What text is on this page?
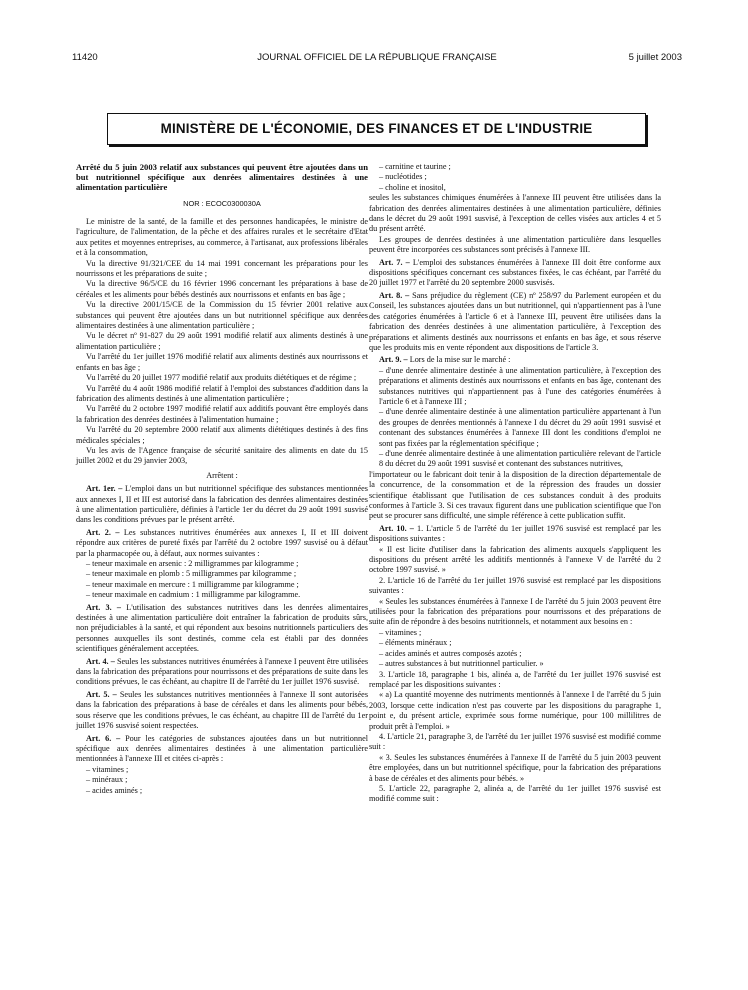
11420	JOURNAL OFFICIEL DE LA RÉPUBLIQUE FRANÇAISE	5 juillet 2003
MINISTÈRE DE L'ÉCONOMIE, DES FINANCES ET DE L'INDUSTRIE

Arrêté du 5 juin 2003 relatif aux substances qui peuvent être ajoutées dans un but nutritionnel spécifique aux denrées alimentaires destinées à une alimentation particulière

NOR : ECOC0300030A

Le ministre de la santé, de la famille et des personnes handicapées, le ministre de l'agriculture, de l'alimentation, de la pêche et des affaires rurales et le secrétaire d'Etat aux petites et moyennes entreprises, au commerce, à l'artisanat, aux professions libérales et à la consommation,

Vu la directive 91/321/CEE du 14 mai 1991 concernant les préparations pour les nourrissons et les préparations de suite ;

Vu la directive 96/5/CE du 16 février 1996 concernant les préparations à base de céréales et les aliments pour bébés destinés aux nourrissons et enfants en bas âge ;

Vu la directive 2001/15/CE de la Commission du 15 février 2001 relative aux substances qui peuvent être ajoutées dans un but nutritionnel spécifique aux denrées alimentaires destinées à une alimentation particulière ;

Vu le décret nº 91-827 du 29 août 1991 modifié relatif aux aliments destinés à une alimentation particulière ;

Vu l'arrêté du 1er juillet 1976 modifié relatif aux aliments destinés aux nourrissons et enfants en bas âge ;

Vu l'arrêté du 20 juillet 1977 modifié relatif aux produits diététiques et de régime ;

Vu l'arrêté du 4 août 1986 modifié relatif à l'emploi des substances d'addition dans la fabrication des aliments destinés à une alimentation particulière ;

Vu l'arrêté du 2 octobre 1997 modifié relatif aux additifs pouvant être employés dans la fabrication des denrées destinées à l'alimentation humaine ;

Vu l'arrêté du 20 septembre 2000 relatif aux aliments diététiques destinés à des fins médicales spéciales ;

Vu les avis de l'Agence française de sécurité sanitaire des aliments en date du 15 juillet 2002 et du 29 janvier 2003,

Arrêtent :

Art. 1er. – L'emploi dans un but nutritionnel spécifique des substances mentionnées aux annexes I, II et III est autorisé dans la fabrication des denrées alimentaires destinées à une alimentation particulière, définies à l'article 1er du décret du 29 août 1991 susvisé dans les conditions prévues par le présent arrêté.

Art. 2. – Les substances nutritives énumérées aux annexes I, II et III doivent répondre aux critères de pureté fixés par l'arrêté du 2 octobre 1997 susvisé ou à défaut par la pharmacopée ou, à défaut, aux normes suivantes :

– teneur maximale en arsenic : 2 milligrammes par kilogramme ;
– teneur maximale en plomb : 5 milligrammes par kilogramme ;
– teneur maximale en mercure : 1 milligramme par kilogramme ;
– teneur maximale en cadmium : 1 milligramme par kilogramme.

Art. 3. – L'utilisation des substances nutritives dans les denrées alimentaires destinées à une alimentation particulière doit entraîner la fabrication de produits sûrs, non préjudiciables à la santé, et qui répondent aux besoins nutritionnels particuliers des personnes auxquelles ils sont destinés, comme cela est établi par des données scientifiques généralement acceptées.

Art. 4. – Seules les substances nutritives énumérées à l'annexe I peuvent être utilisées dans la fabrication des préparations pour nourrissons et des préparations de suite dans les conditions prévues, le cas échéant, au chapitre II de l'arrêté du 1er juillet 1976 susvisé.

Art. 5. – Seules les substances nutritives mentionnées à l'annexe II sont autorisées dans la fabrication des préparations à base de céréales et dans les aliments pour bébés, sous réserve que les conditions prévues, le cas échéant, au chapitre III de l'arrêté du 1er juillet 1976 susvisé soient respectées.

Art. 6. – Pour les catégories de substances ajoutées dans un but nutritionnel spécifique aux denrées alimentaires destinées à une alimentation particulière mentionnées à l'annexe III et citées ci-après :

– vitamines ;
– minéraux ;
– acides aminés ;
– carnitine et taurine ;
– nucléotides ;
– choline et inositol,

seules les substances chimiques énumérées à l'annexe III peuvent être utilisées dans la fabrication des denrées alimentaires destinées à une alimentation particulière, définies dans le décret du 29 août 1991 susvisé, à l'exception de celles visées aux articles 4 et 5 du présent arrêté.

Les groupes de denrées destinées à une alimentation particulière dans lesquelles peuvent être incorporées ces substances sont précisés à l'annexe III.

Art. 7. – L'emploi des substances énumérées à l'annexe III doit être conforme aux dispositions spécifiques concernant ces substances fixées, le cas échéant, par l'arrêté du 20 juillet 1977 et l'arrêté du 20 septembre 2000 susvisés.

Art. 8. – Sans préjudice du règlement (CE) nº 258/97 du Parlement européen et du Conseil, les substances ajoutées dans un but nutritionnel, qui n'appartiennent pas à l'une des catégories énumérées à l'article 6 et à l'annexe III, peuvent être utilisées dans la fabrication des denrées destinées à une alimentation particulière, à l'exception des préparations et aliments destinés aux nourrissons et enfants en bas âge, et sous réserve que les produits mis en vente répondent aux dispositions de l'article 3.

Art. 9. – Lors de la mise sur le marché :

– d'une denrée alimentaire destinée à une alimentation particulière, à l'exception des préparations et aliments destinés aux nourrissons et enfants en bas âge, contenant des substances nutritives qui n'appartiennent pas à l'une des catégories énumérées à l'article 6 et à l'annexe III ;
– d'une denrée alimentaire destinée à une alimentation particulière appartenant à l'un des groupes de denrées mentionnés à l'annexe I du décret du 29 août 1991 susvisé et contenant des substances énumérées à l'annexe III dont les conditions d'emploi ne sont pas fixées par la réglementation spécifique ;
– d'une denrée alimentaire destinée à une alimentation particulière relevant de l'article 8 du décret du 29 août 1991 susvisé et contenant des substances nutritives,

l'importateur ou le fabricant doit tenir à la disposition de la direction départementale de la concurrence, de la consommation et de la répression des fraudes un dossier scientifique établissant que l'utilisation de ces substances conduit à des produits conformes à l'article 3. Si ces travaux figurent dans une publication scientifique que l'on peut se procurer sans difficulté, une simple référence à cette publication suffit.

Art. 10. – 1. L'article 5 de l'arrêté du 1er juillet 1976 susvisé est remplacé par les dispositions suivantes :

« Il est licite d'utiliser dans la fabrication des aliments auxquels s'appliquent les dispositions du présent arrêté les additifs mentionnés à l'annexe V de l'arrêté du 2 octobre 1997 susvisé. »

2. L'article 16 de l'arrêté du 1er juillet 1976 susvisé est remplacé par les dispositions suivantes :

« Seules les substances énumérées à l'annexe I de l'arrêté du 5 juin 2003 peuvent être utilisées pour la fabrication des préparations pour nourrissons et des préparations de suite afin de répondre à des besoins nutritionnels, et notamment aux besoins en :

– vitamines ;
– éléments minéraux ;
– acides aminés et autres composés azotés ;
– autres substances à but nutritionnel particulier. »

3. L'article 18, paragraphe 1 bis, alinéa a, de l'arrêté du 1er juillet 1976 susvisé est remplacé par les dispositions suivantes :

« a) La quantité moyenne des nutriments mentionnés à l'annexe I de l'arrêté du 5 juin 2003, lorsque cette indication n'est pas couverte par les dispositions du paragraphe 1, point e, du présent article, exprimée sous forme numérique, pour 100 millilitres de produit prêt à l'emploi. »

4. L'article 21, paragraphe 3, de l'arrêté du 1er juillet 1976 susvisé est modifié comme suit :

« 3. Seules les substances énumérées à l'annexe II de l'arrêté du 5 juin 2003 peuvent être employées, dans un but nutritionnel spécifique, pour la fabrication des préparations à base de céréales et des aliments pour bébés. »

5. L'article 22, paragraphe 2, alinéa a, de l'arrêté du 1er juillet 1976 susvisé est modifié comme suit :
